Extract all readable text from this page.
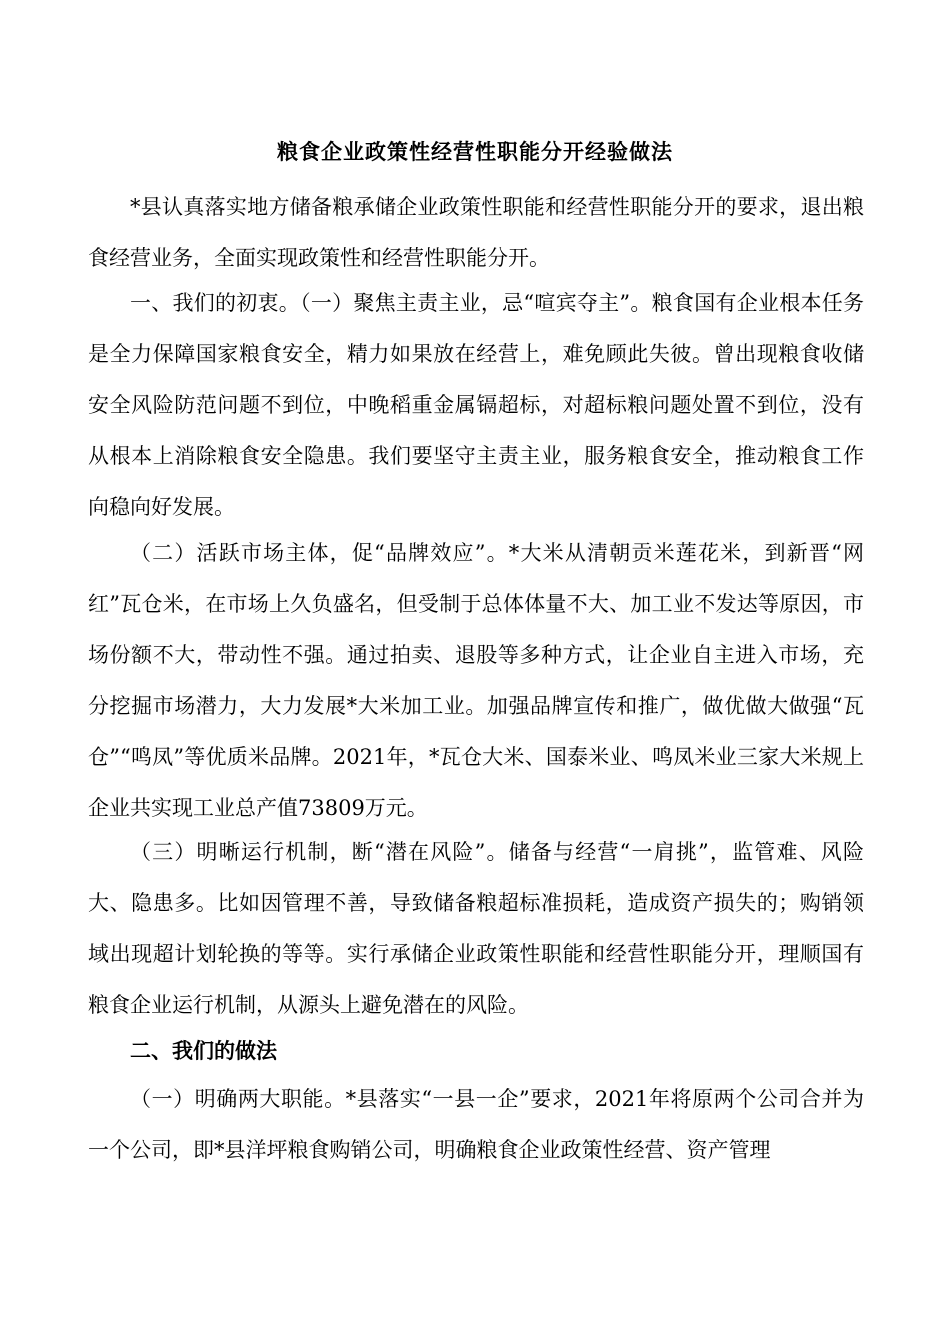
粮食企业政策性经营性职能分开经验做法

*县认真落实地方储备粮承储企业政策性职能和经营性职能分开的要求，退出粮食经营业务，全面实现政策性和经营性职能分开。

一、我们的初衷。（一）聚焦主责主业，忌“喧宾夺主”。粮食国有企业根本任务是全力保障国家粮食安全，精力如果放在经营上，难免顾此失彼。曾出现粮食收储安全风险防范问题不到位，中晚稻重金属镉超标，对超标粮问题处置不到位，没有从根本上消除粮食安全隐患。我们要坚守主责主业，服务粮食安全，推动粮食工作向稳向好发展。

（二）活跃市场主体，促“品牌效应”。*大米从清朝贡米莲花米，到新晋“网红”瓦仓米，在市场上久负盛名，但受制于总体体量不大、加工业不发达等原因，市场份额不大，带动性不强。通过拍卖、退股等多种方式，让企业自主进入市场，充分挖掘市场潜力，大力发展*大米加工业。加强品牌宣传和推广，做优做大做强“瓦仓”“鸣凤”等优质米品牌。2021年，*瓦仓大米、国泰米业、鸣凤米业三家大米规上企业共实现工业总产值73809万元。

（三）明晰运行机制，断“潜在风险”。储备与经营“一肩挑”，监管难、风险大、隐患多。比如因管理不善，导致储备粮超标准损耗，造成资产损失的；购销领域出现超计划轮换的等等。实行承储企业政策性职能和经营性职能分开，理顺国有粮食企业运行机制，从源头上避免潜在的风险。

二、我们的做法

（一）明确两大职能。*县落实“一县一企”要求，2021年将原两个公司合并为一个公司，即*县洋坪粮食购销公司，明确粮食企业政策性经营、资产管理
